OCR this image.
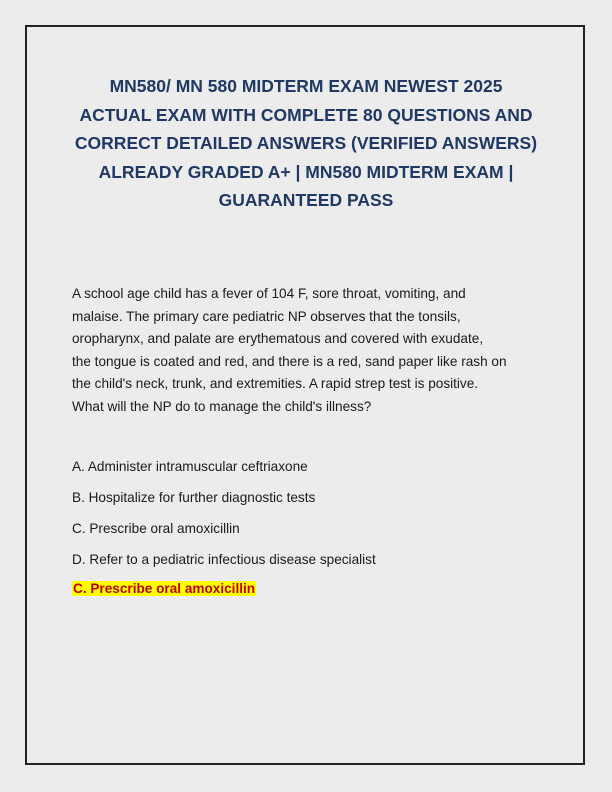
MN580/ MN 580 MIDTERM EXAM NEWEST 2025
ACTUAL EXAM WITH COMPLETE 80 QUESTIONS AND
CORRECT DETAILED ANSWERS (VERIFIED ANSWERS)
ALREADY GRADED A+ | MN580 MIDTERM EXAM |
GUARANTEED PASS
A school age child has a fever of 104 F, sore throat, vomiting, and
malaise. The primary care pediatric NP observes that the tonsils,
oropharynx, and palate are erythematous and covered with exudate,
the tongue is coated and red, and there is a red, sand paper like rash on
the child's neck, trunk, and extremities. A rapid strep test is positive.
What will the NP do to manage the child's illness?
A. Administer intramuscular ceftriaxone
B. Hospitalize for further diagnostic tests
C. Prescribe oral amoxicillin
D. Refer to a pediatric infectious disease specialist
C. Prescribe oral amoxicillin
